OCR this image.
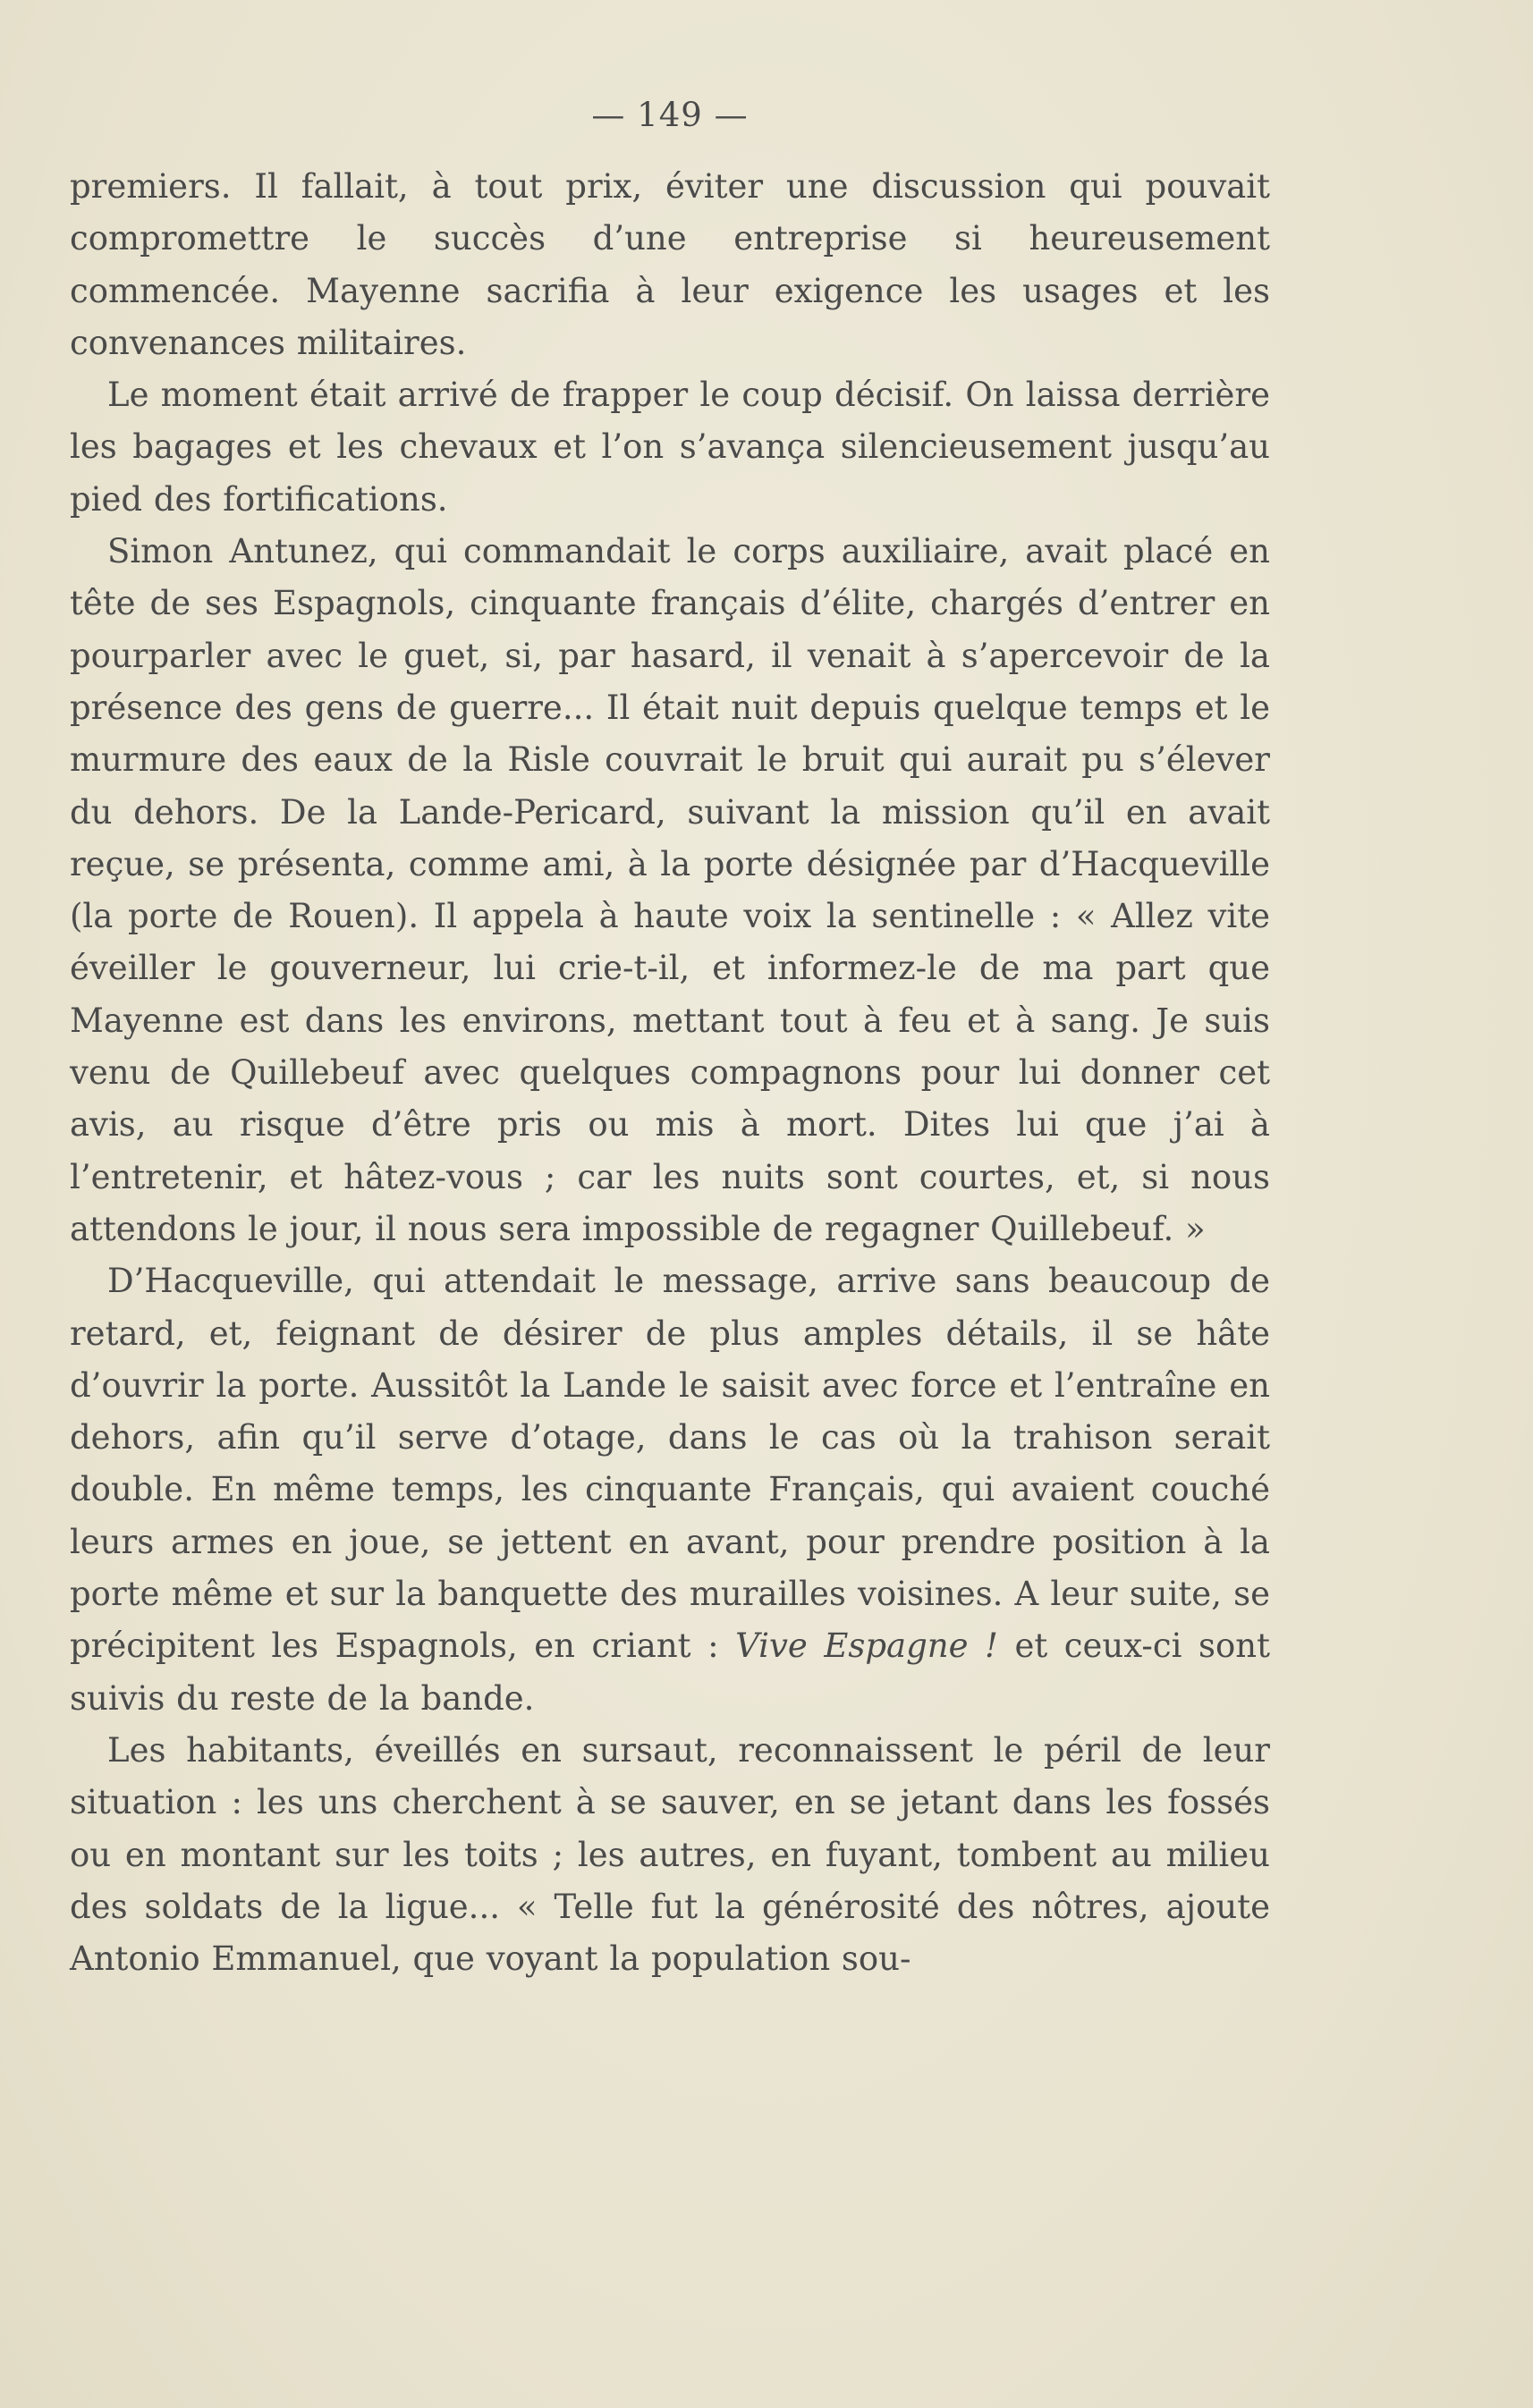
— 149 —

premiers. Il fallait, à tout prix, éviter une discussion qui pouvait compromettre le succès d’une entreprise si heureusement commencée. Mayenne sacrifia à leur exigence les usages et les convenances militaires.

Le moment était arrivé de frapper le coup décisif. On laissa derrière les bagages et les chevaux et l’on s’avança silencieusement jusqu’au pied des fortifications.

Simon Antunez, qui commandait le corps auxiliaire, avait placé en tête de ses Espagnols, cinquante français d’élite, chargés d’entrer en pourparler avec le guet, si, par hasard, il venait à s’apercevoir de la présence des gens de guerre... Il était nuit depuis quelque temps et le murmure des eaux de la Risle couvrait le bruit qui aurait pu s’élever du dehors. De la Lande-Pericard, suivant la mission qu’il en avait reçue, se présenta, comme ami, à la porte désignée par d’Hacqueville (la porte de Rouen). Il appela à haute voix la sentinelle : « Allez vite éveiller le gouverneur, lui crie-t-il, et informez-le de ma part que Mayenne est dans les environs, mettant tout à feu et à sang. Je suis venu de Quillebeuf avec quelques compagnons pour lui donner cet avis, au risque d’être pris ou mis à mort. Dites lui que j’ai à l’entretenir, et hâtez-vous ; car les nuits sont courtes, et, si nous attendons le jour, il nous sera impossible de regagner Quillebeuf. »

D’Hacqueville, qui attendait le message, arrive sans beaucoup de retard, et, feignant de désirer de plus amples détails, il se hâte d’ouvrir la porte. Aussitôt la Lande le saisit avec force et l’entraîne en dehors, afin qu’il serve d’otage, dans le cas où la trahison serait double. En même temps, les cinquante Français, qui avaient couché leurs armes en joue, se jettent en avant, pour prendre position à la porte même et sur la banquette des murailles voisines. A leur suite, se précipitent les Espagnols, en criant : Vive Espagne ! et ceux-ci sont suivis du reste de la bande.

Les habitants, éveillés en sursaut, reconnaissent le péril de leur situation : les uns cherchent à se sauver, en se jetant dans les fossés ou en montant sur les toits ; les autres, en fuyant, tombent au milieu des soldats de la ligue... « Telle fut la générosité des nôtres, ajoute Antonio Emmanuel, que voyant la population sou-
